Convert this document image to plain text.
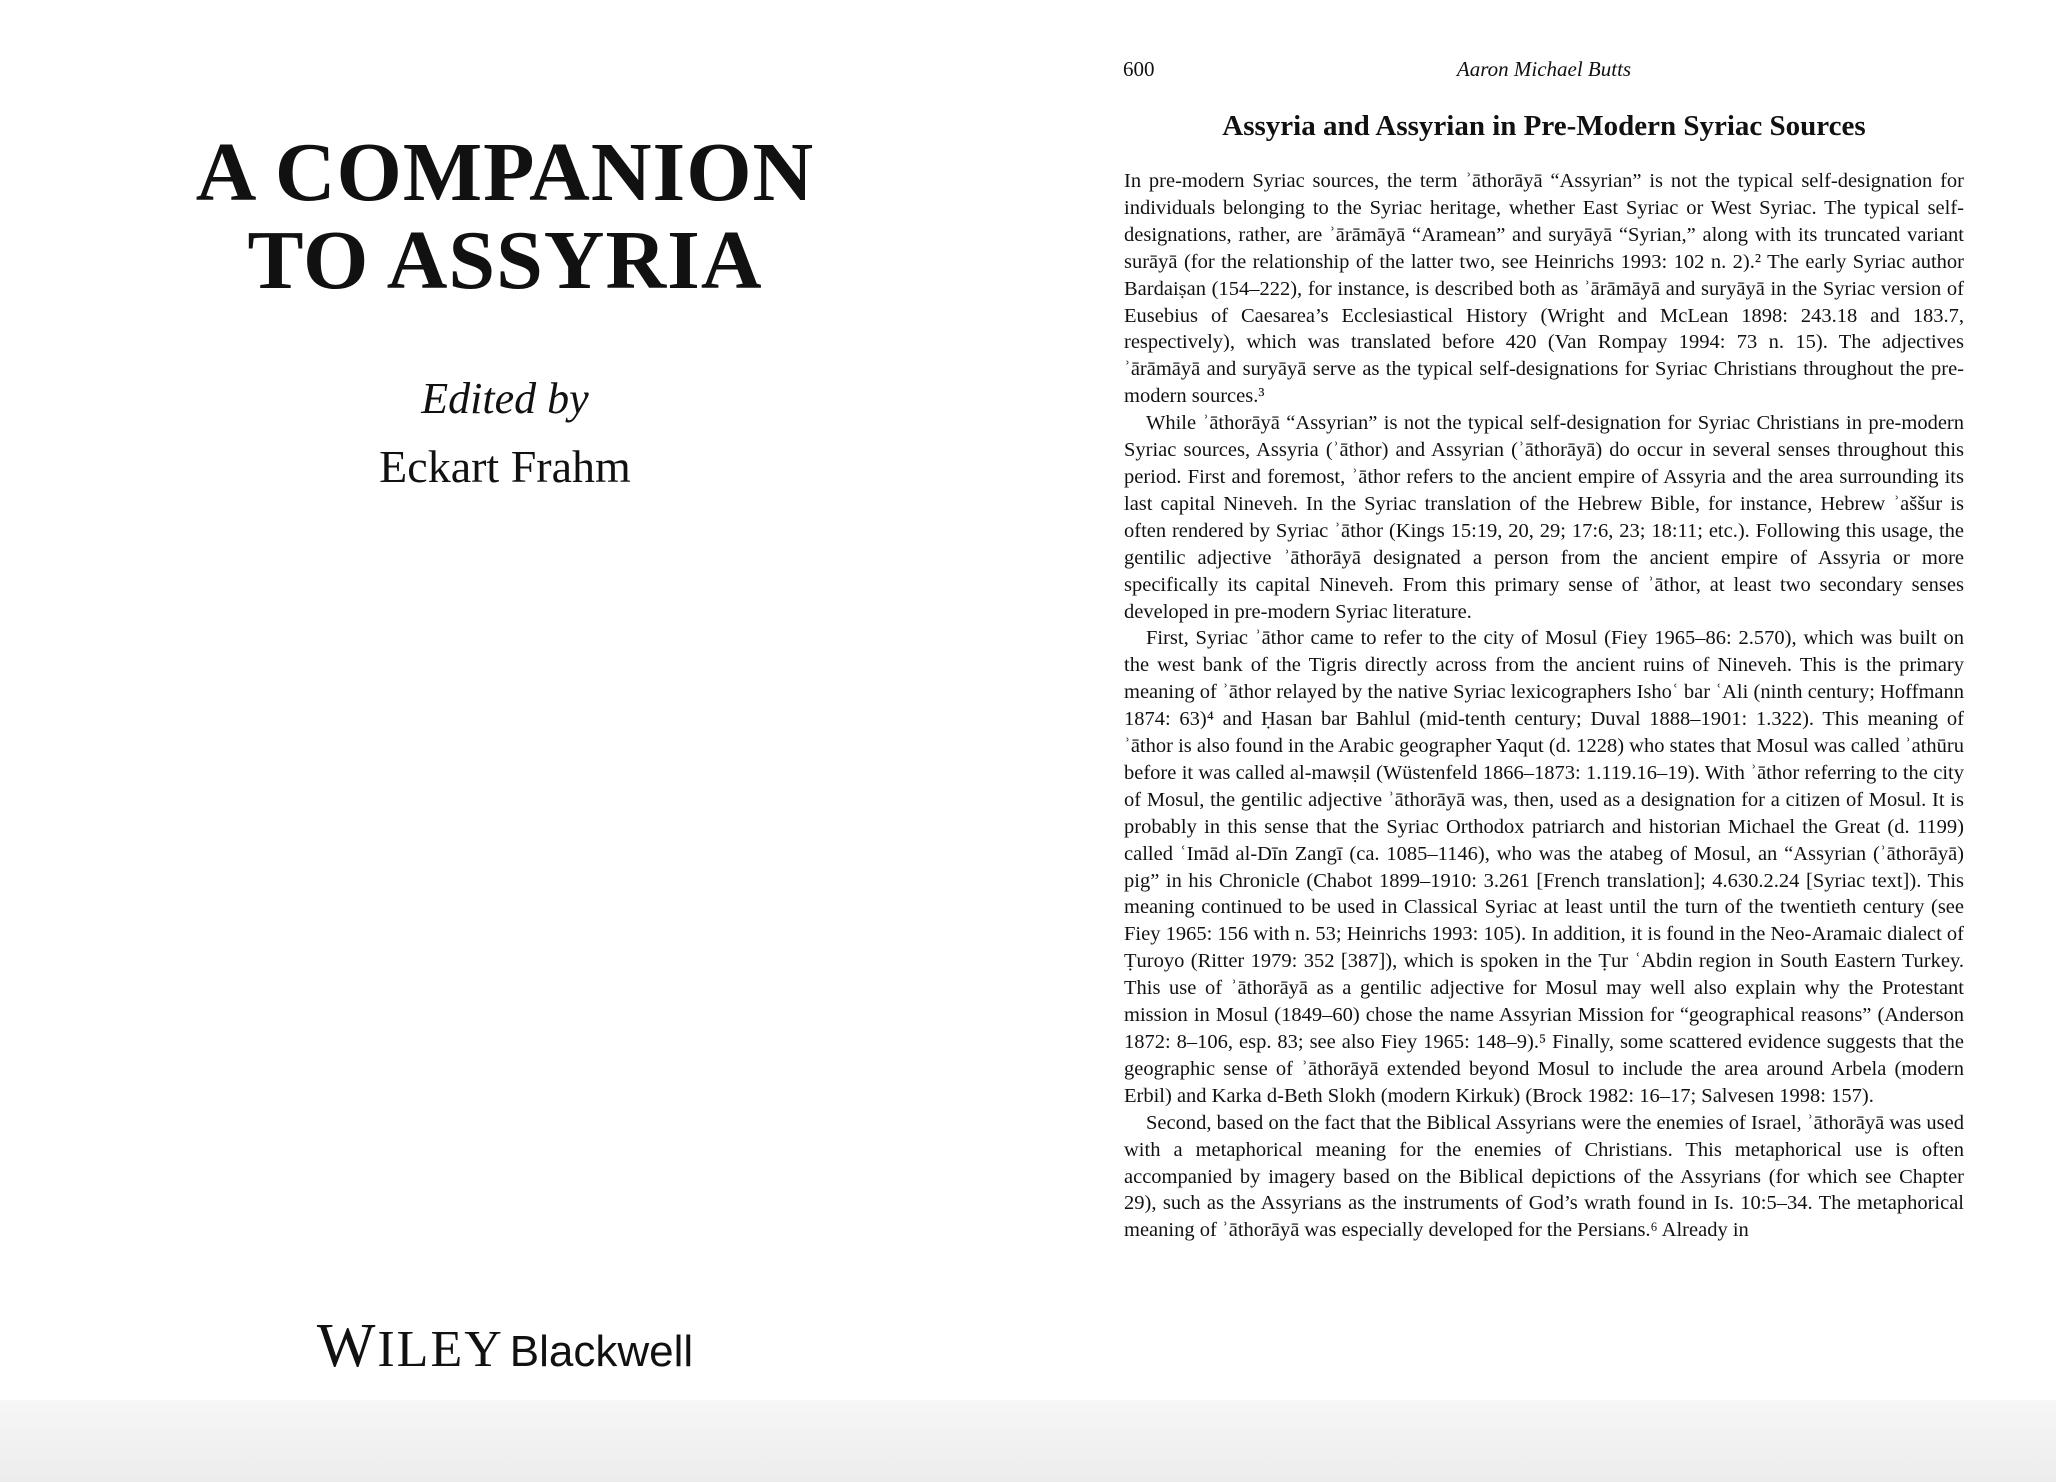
A COMPANION
TO ASSYRIA
Edited by
Eckart Frahm
WILEY Blackwell
600	Aaron Michael Butts
Assyria and Assyrian in Pre-Modern Syriac Sources

In pre-modern Syriac sources, the term ʾāthorāyā “Assyrian” is not the typical self-designation for individuals belonging to the Syriac heritage, whether East Syriac or West Syriac. The typical self-designations, rather, are ʾārāmāyā “Aramean” and suryāyā “Syrian,” along with its truncated variant surāyā (for the relationship of the latter two, see Heinrichs 1993: 102 n. 2).² The early Syriac author Bardaiṣan (154–222), for instance, is described both as ʾārāmāyā and suryāyā in the Syriac version of Eusebius of Caesarea’s Ecclesiastical History (Wright and McLean 1898: 243.18 and 183.7, respectively), which was translated before 420 (Van Rompay 1994: 73 n. 15). The adjectives ʾārāmāyā and suryāyā serve as the typical self-designations for Syriac Christians throughout the pre-modern sources.³

While ʾāthorāyā “Assyrian” is not the typical self-designation for Syriac Christians in pre-modern Syriac sources, Assyria (ʾāthor) and Assyrian (ʾāthorāyā) do occur in several senses throughout this period. First and foremost, ʾāthor refers to the ancient empire of Assyria and the area surrounding its last capital Nineveh. In the Syriac translation of the Hebrew Bible, for instance, Hebrew ʾaššur is often rendered by Syriac ʾāthor (Kings 15:19, 20, 29; 17:6, 23; 18:11; etc.). Following this usage, the gentilic adjective ʾāthorāyā designated a person from the ancient empire of Assyria or more specifically its capital Nineveh. From this primary sense of ʾāthor, at least two secondary senses developed in pre-modern Syriac literature.

First, Syriac ʾāthor came to refer to the city of Mosul (Fiey 1965–86: 2.570), which was built on the west bank of the Tigris directly across from the ancient ruins of Nineveh. This is the primary meaning of ʾāthor relayed by the native Syriac lexicographers Ishoʿ bar ʿAli (ninth century; Hoffmann 1874: 63)⁴ and Ḥasan bar Bahlul (mid-tenth century; Duval 1888–1901: 1.322). This meaning of ʾāthor is also found in the Arabic geographer Yaqut (d. 1228) who states that Mosul was called ʾathūru before it was called al-mawṣil (Wüstenfeld 1866–1873: 1.119.16–19). With ʾāthor referring to the city of Mosul, the gentilic adjective ʾāthorāyā was, then, used as a designation for a citizen of Mosul. It is probably in this sense that the Syriac Orthodox patriarch and historian Michael the Great (d. 1199) called ʿImād al-Dīn Zangī (ca. 1085–1146), who was the atabeg of Mosul, an “Assyrian (ʾāthorāyā) pig” in his Chronicle (Chabot 1899–1910: 3.261 [French translation]; 4.630.2.24 [Syriac text]). This meaning continued to be used in Classical Syriac at least until the turn of the twentieth century (see Fiey 1965: 156 with n. 53; Heinrichs 1993: 105). In addition, it is found in the Neo-Aramaic dialect of Ṭuroyo (Ritter 1979: 352 [387]), which is spoken in the Ṭur ʿAbdin region in South Eastern Turkey. This use of ʾāthorāyā as a gentilic adjective for Mosul may well also explain why the Protestant mission in Mosul (1849–60) chose the name Assyrian Mission for “geographical reasons” (Anderson 1872: 8–106, esp. 83; see also Fiey 1965: 148–9).⁵ Finally, some scattered evidence suggests that the geographic sense of ʾāthorāyā extended beyond Mosul to include the area around Arbela (modern Erbil) and Karka d-Beth Slokh (modern Kirkuk) (Brock 1982: 16–17; Salvesen 1998: 157).

Second, based on the fact that the Biblical Assyrians were the enemies of Israel, ʾāthorāyā was used with a metaphorical meaning for the enemies of Christians. This metaphorical use is often accompanied by imagery based on the Biblical depictions of the Assyrians (for which see Chapter 29), such as the Assyrians as the instruments of God’s wrath found in Is. 10:5–34. The metaphorical meaning of ʾāthorāyā was especially developed for the Persians.⁶ Already in
